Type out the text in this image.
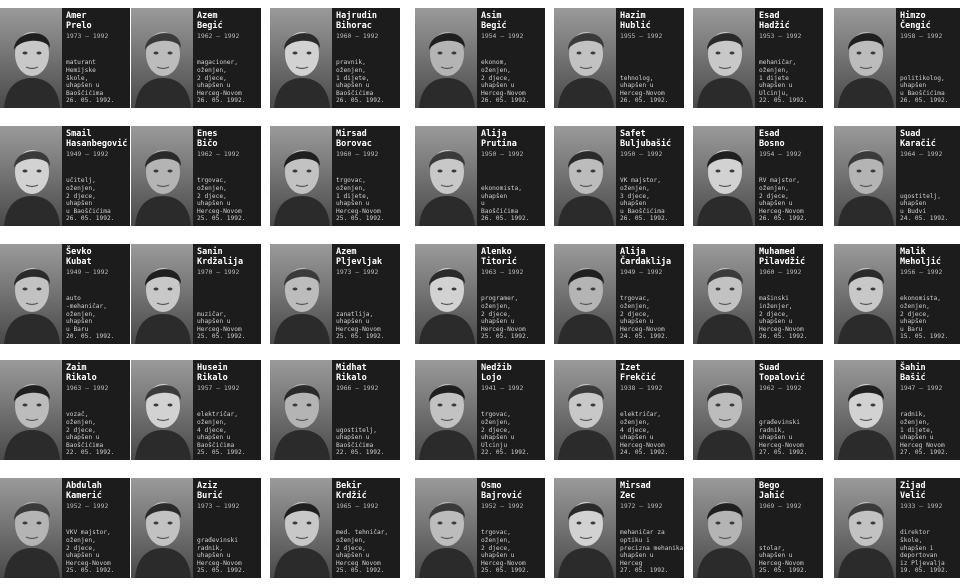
Amer
Prelo
1973 – 1992
maturant
Hemijske
škole,
uhapšen u
Baoščićima
26. 05. 1992.
Azem
Begić
1962 – 1992
magacioner,
oženjen,
2 djece,
uhapšen u
Herceg-Novom
26. 05. 1992.
Hajrudin
Bihorac
1960 – 1992
pravnik,
oženjen,
1 dijete,
uhapšen u
Baoščićima
26. 05. 1992.
Asim
Begić
1954 – 1992
ekonom,
oženjen,
2 djece,
uhapšen u
Herceg-Novom
26. 05. 1992.
Hazim
Hublić
1955 – 1992
tehnolog,
uhapšen u
Herceg-Novom
26. 05. 1992.
Esad
Hadžić
1953 – 1992
mehaničar,
oženjen,
1 dijete
uhapšen u
Ulcinju,
22. 05. 1992.
Himzo
Čengić
1958 – 1992
politikolog,
uhapšen
u Baoščićima
26. 05. 1992.
Smail
Hasanbegović
1949 – 1992
učitelj,
oženjen,
2 djece,
uhapšen
u Baoščićima
26. 05. 1992.
Enes
Bičo
1962 – 1992
trgovac,
oženjen,
2 djece,
uhapšen u
Herceg-Novom
25. 05. 1992.
Mirsad
Borovac
1960 – 1992
trgovac,
oženjen,
1 dijete,
uhapšen u
Herceg-Novom
25. 05. 1992.
Alija
Prutina
1950 – 1992
ekonomista,
uhapšen
u
Baoščićima
26. 05. 1992.
Safet
Buljubašić
1950 – 1992
VK majstor,
oženjen,
3 djece,
uhapšen
u Baoščićima
26. 05. 1992.
Esad
Bosno
1954 – 1992
RV majstor,
oženjen,
2 djece,
uhapšen u
Herceg-Novom
26. 05. 1992.
Suad
Karačić
1964 – 1992
ugostitelj,
uhapšen
u Budvi
24. 05. 1992.
Ševko
Kubat
1949 – 1992
auto
-mehaničar,
oženjen,
uhapšen
u Baru
20. 05. 1992.
Sanin
Krdžalija
1970 – 1992
muzičar,
uhapšen u
Herceg-Novom
25. 05. 1992.
Azem
Pljevljak
1973 – 1992
zanatlija,
uhapšen u
Herceg-Novom
25. 05. 1992.
Alenko
Titorić
1963 – 1992
programer,
oženjen,
2 djece,
uhapšen u
Herceg-Novom
25. 05. 1992.
Alija
Čardaklija
1949 – 1992
trgovac,
oženjen,
2 djece,
uhapšen u
Herceg-Novom
24. 05. 1992.
Muhamed
Pilavdžić
1960 – 1992
mašinski
inženjer,
2 djece,
uhapšen u
Herceg-Novom
26. 05. 1992.
Malik
Meholjić
1956 – 1992
ekonomista,
oženjen,
2 djece,
uhapšen
u Baru
15. 05. 1992.
Zaim
Rikalo
1963 – 1992
vozač,
oženjen,
2 djece,
uhapšen u
Baoščićima
22. 05. 1992.
Husein
Rikalo
1957 – 1992
električar,
oženjen,
4 djece,
uhapšen u
Baoščićima
25. 05. 1992.
Midhat
Rikalo
1966 – 1992
ugostitelj,
uhapšen u
Baoščićima
22. 05. 1992.
Nedžib
Lojo
1941 – 1992
trgovac,
oženjen,
2 djece,
uhapšen u
Ulcinju
22. 05. 1992.
Izet
Frekčić
1938 – 1992
električar,
oženjen,
4 djece,
uhapšen u
Herceg-Novom
24. 05. 1992.
Suad
Topalović
1962 – 1992
građevinski
radnik,
uhapšen u
Herceg-Novom
27. 05. 1992.
Šahin
Bašić
1947 – 1992
radnik,
oženjen,
1 dijete,
uhapšen u
Herceg Novom
27. 05. 1992.
Abdulah
Kamerić
1952 – 1992
VKV majstor,
oženjen,
2 djece,
uhapšen u
Herceg-Novom
25. 05. 1992.
Aziz
Burić
1973 – 1992
građevinski
radnik,
uhapšen u
Herceg-Novom
25. 05. 1992.
Bekir
Krdžić
1965 – 1992
med. tehničar,
oženjen,
2 djece,
uhapšen u
Herceg Novom
25. 05. 1992.
Osmo
Bajrović
1952 – 1992
trgovac,
oženjen,
2 djece,
uhapšen u
Herceg-Novom
25. 05. 1992.
Mirsad
Zec
1972 – 1992
mehaničar za
optiku i
precizna mehanika
uhapšen u
Herceg
27. 05. 1992.
Bego
Jahić
1969 – 1992
stolar,
uhapšen u
Herceg-Novom
25. 05. 1992.
Zijad
Velić
1933 – 1992
direktor
škole,
uhapšen i
deportovan
iz Pljevalja
19. 05. 1992.
